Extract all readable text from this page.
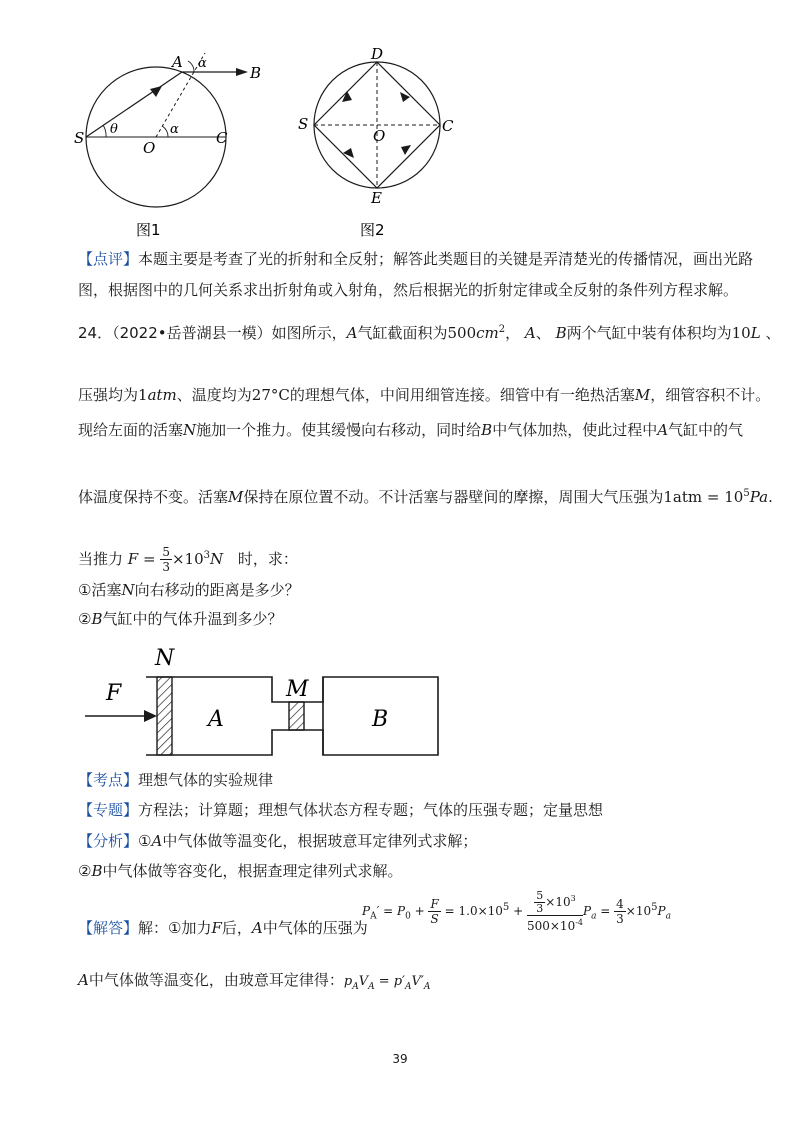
S
O
A
B
C
θ	α
α
图1
D
S
O
C
E
图2
【点评】本题主要是考查了光的折射和全反射；解答此类题目的关键是弄清楚光的传播情况，画出光路
图，根据图中的几何关系求出折射角或入射角，然后根据光的折射定律或全反射的条件列方程求解。
24．（2022•岳普湖县一模）如图所示，A气缸截面积为$500cm^2$， A、 B两个气缸中装有体积均为10L 、
压强均为1atm、温度均为27°C的理想气体，中间用细管连接。细管中有一绝热活塞M，细管容积不计。
现给左面的活塞N施加一个推力。使其缓慢向右移动，同时给B中气体加热，使此过程中A气缸中的气
体温度保持不变。活塞M保持在原位置不动。不计活塞与器壁间的摩擦，周围大气压强为$1atm = 10^5Pa$.
当推力 $F = \frac{5}{3} \times 10^3N$ 时，求：
①活塞N向右移动的距离是多少？
②B气缸中的气体升温到多少？
F
N
A
M
B
【考点】理想气体的实验规律
【专题】方程法；计算题；理想气体状态方程专题；气体的压强专题；定量思想
【分析】①A中气体做等温变化，根据玻意耳定律列式求解；
②B中气体做等容变化，根据查理定律列式求解。
【解答】解：①加力F后，A中气体的压强为
$P_A' = P_0 + \frac{F}{S} = 1.0\times 10^5 + \frac{\frac{5}{3} \times 10^3}{500\times 10^{-4}} P_a = \frac{4}{3} \times 10^5P_a$
A中气体做等温变化，由玻意耳定律得：$p_AV_A = p'_AV'_A$
39
